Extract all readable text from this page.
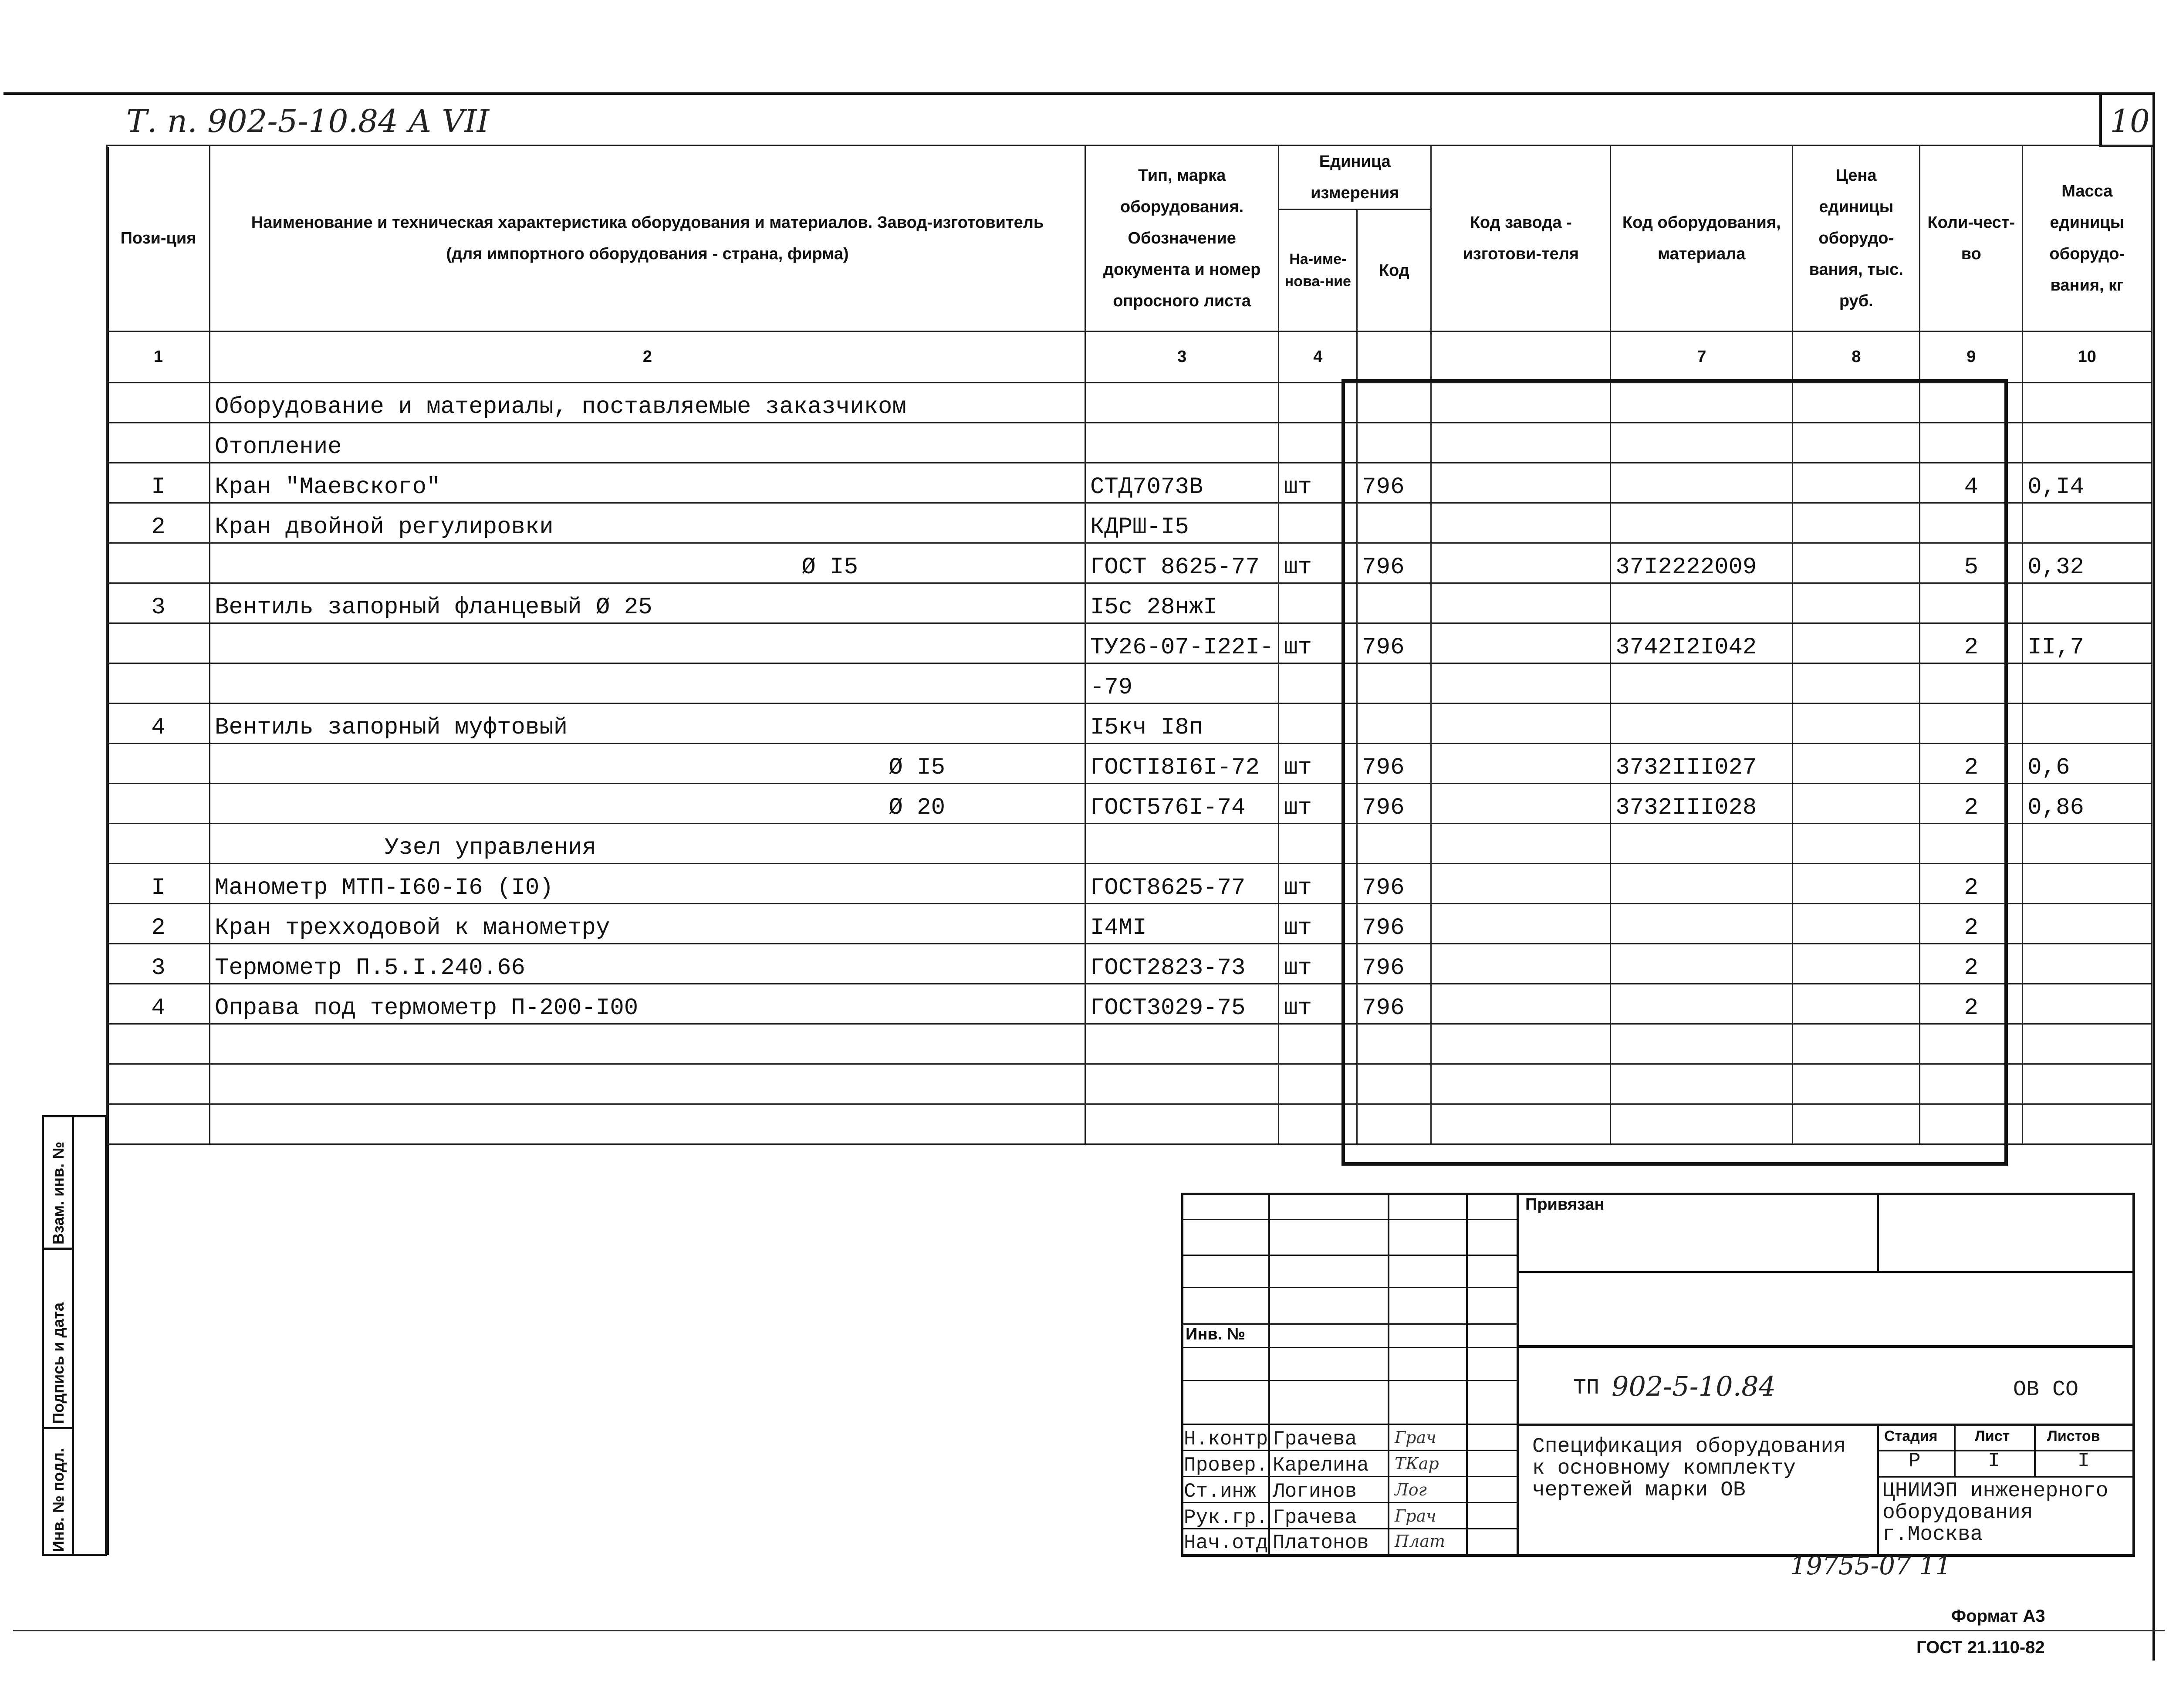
Т. п. 902-5-10.84 А VII	10
Пози-ция	Наименование и техническая характеристика оборудования и материалов. Завод-изготовитель (для импортного оборудования - страна, фирма)	Тип, марка оборудования. Обозначение документа и номер опросного листа	Единица измерения		Код завода - изготови-теля	Код оборудования, материала	Цена единицы оборудо-вания, тыс. руб.	Коли-чест-во	Масса единицы оборудо-вания, кг
			На-име-нова-ние	Код					
1	2	3	4			7	8	9	10
	Оборудование и материалы, поставляемые заказчиком								
	Отопление								
I	Кран "Маевского"	СТД7073В	шт	796				4	0,I4
2	Кран двойной регулировки	КДРШ-I5							
	Ø I5	ГОСТ 8625-77	шт	796		37I2222009		5	0,32
3	Вентиль запорный фланцевый Ø 25	I5с 28нжI							
		ТУ26-07-I22I-	шт	796		3742I2I042		2	II,7
		-79							
4	Вентиль запорный муфтовый	I5кч I8п							
	Ø I5	ГОСТI8I6I-72	шт	796		3732III027		2	0,6
	Ø 20	ГОСТ576I-74	шт	796		3732III028		2	0,86
	Узел управления								
I	Манометр МТП-I60-I6 (I0)	ГОСТ8625-77	шт	796				2	
2	Кран трехходовой к манометру	I4МI	шт	796				2	
3	Термометр П.5.I.240.66	ГОСТ2823-73	шт	796				2	
4	Оправа под термометр П-200-I00	ГОСТ3029-75	шт	796				2	

Взам. инв. №
Подпись и дата
Инв. № подл.
Привязан
Инв. №
ТП 902-5-10.84	ОВ СО
Спецификация оборудования
к основному комплекту
чертежей марки ОВ
Стадия	Лист	Листов
Р	I	I
ЦНИИЭП инженерного
оборудования
г.Москва
Н.контр Грачева Грач
Провер. Карелина ТКар
Ст.инж Логинов Лог
Рук.гр. Грачева Грач
Нач.отд Платонов Плат
19755-07 11
Формат А3
ГОСТ 21.110-82
